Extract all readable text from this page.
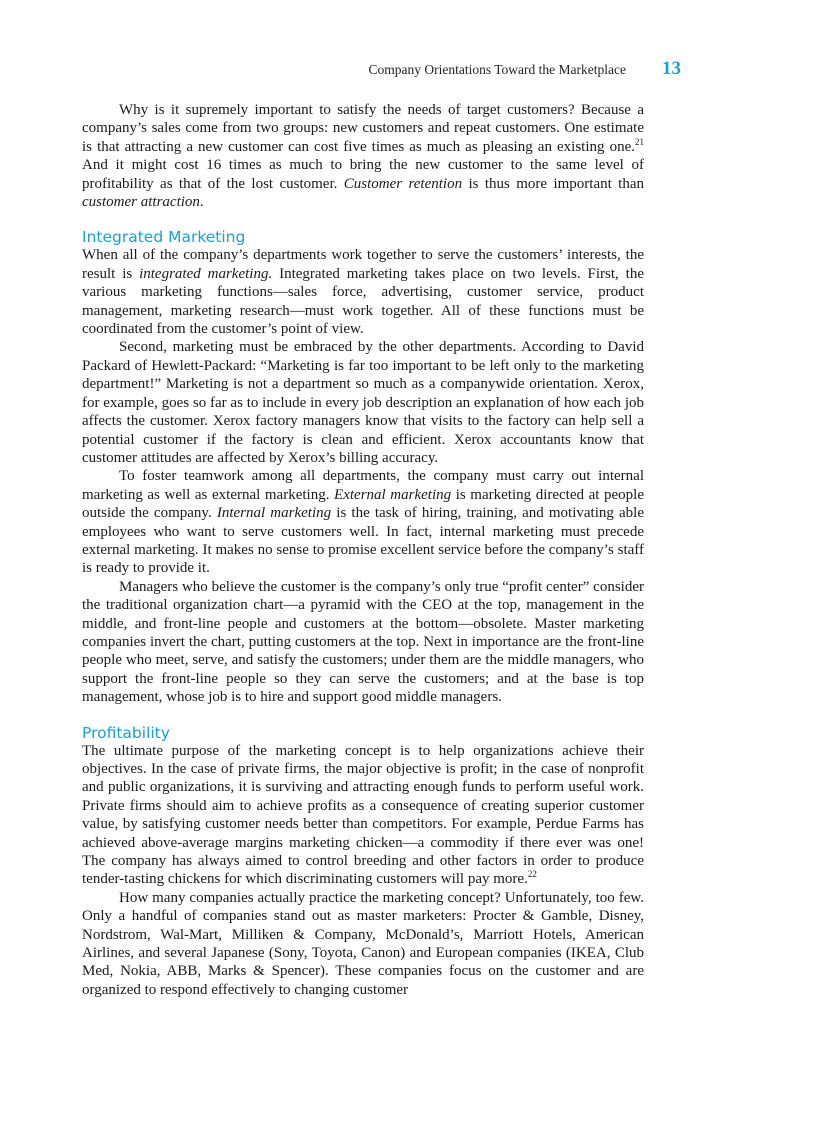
Company Orientations Toward the Marketplace 13

Why is it supremely important to satisfy the needs of target customers? Because a company’s sales come from two groups: new customers and repeat customers. One estimate is that attracting a new customer can cost five times as much as pleasing an existing one.$^{21}$ And it might cost 16 times as much to bring the new customer to the same level of profitability as that of the lost customer. Customer retention is thus more important than customer attraction.

Integrated Marketing

When all of the company’s departments work together to serve the customers’ interests, the result is integrated marketing. Integrated marketing takes place on two levels. First, the various marketing functions—sales force, advertising, customer service, product management, marketing research—must work together. All of these functions must be coordinated from the customer’s point of view.

Second, marketing must be embraced by the other departments. According to David Packard of Hewlett-Packard: “Marketing is far too important to be left only to the marketing department!” Marketing is not a department so much as a companywide orientation. Xerox, for example, goes so far as to include in every job description an explanation of how each job affects the customer. Xerox factory managers know that visits to the factory can help sell a potential customer if the factory is clean and efficient. Xerox accountants know that customer attitudes are affected by Xerox’s billing accuracy.

To foster teamwork among all departments, the company must carry out internal marketing as well as external marketing. External marketing is marketing directed at people outside the company. Internal marketing is the task of hiring, training, and motivating able employees who want to serve customers well. In fact, internal marketing must precede external marketing. It makes no sense to promise excellent service before the company’s staff is ready to provide it.

Managers who believe the customer is the company’s only true “profit center” consider the traditional organization chart—a pyramid with the CEO at the top, management in the middle, and front-line people and customers at the bottom—obsolete. Master marketing companies invert the chart, putting customers at the top. Next in importance are the front-line people who meet, serve, and satisfy the customers; under them are the middle managers, who support the front-line people so they can serve the customers; and at the base is top management, whose job is to hire and support good middle managers.

Profitability

The ultimate purpose of the marketing concept is to help organizations achieve their objectives. In the case of private firms, the major objective is profit; in the case of nonprofit and public organizations, it is surviving and attracting enough funds to perform useful work. Private firms should aim to achieve profits as a consequence of creating superior customer value, by satisfying customer needs better than competitors. For example, Perdue Farms has achieved above-average margins marketing chicken—a commodity if there ever was one! The company has always aimed to control breeding and other factors in order to produce tender-tasting chickens for which discriminating customers will pay more.$^{22}$

How many companies actually practice the marketing concept? Unfortunately, too few. Only a handful of companies stand out as master marketers: Procter & Gamble, Disney, Nordstrom, Wal-Mart, Milliken & Company, McDonald’s, Marriott Hotels, American Airlines, and several Japanese (Sony, Toyota, Canon) and European companies (IKEA, Club Med, Nokia, ABB, Marks & Spencer). These companies focus on the customer and are organized to respond effectively to changing customer
